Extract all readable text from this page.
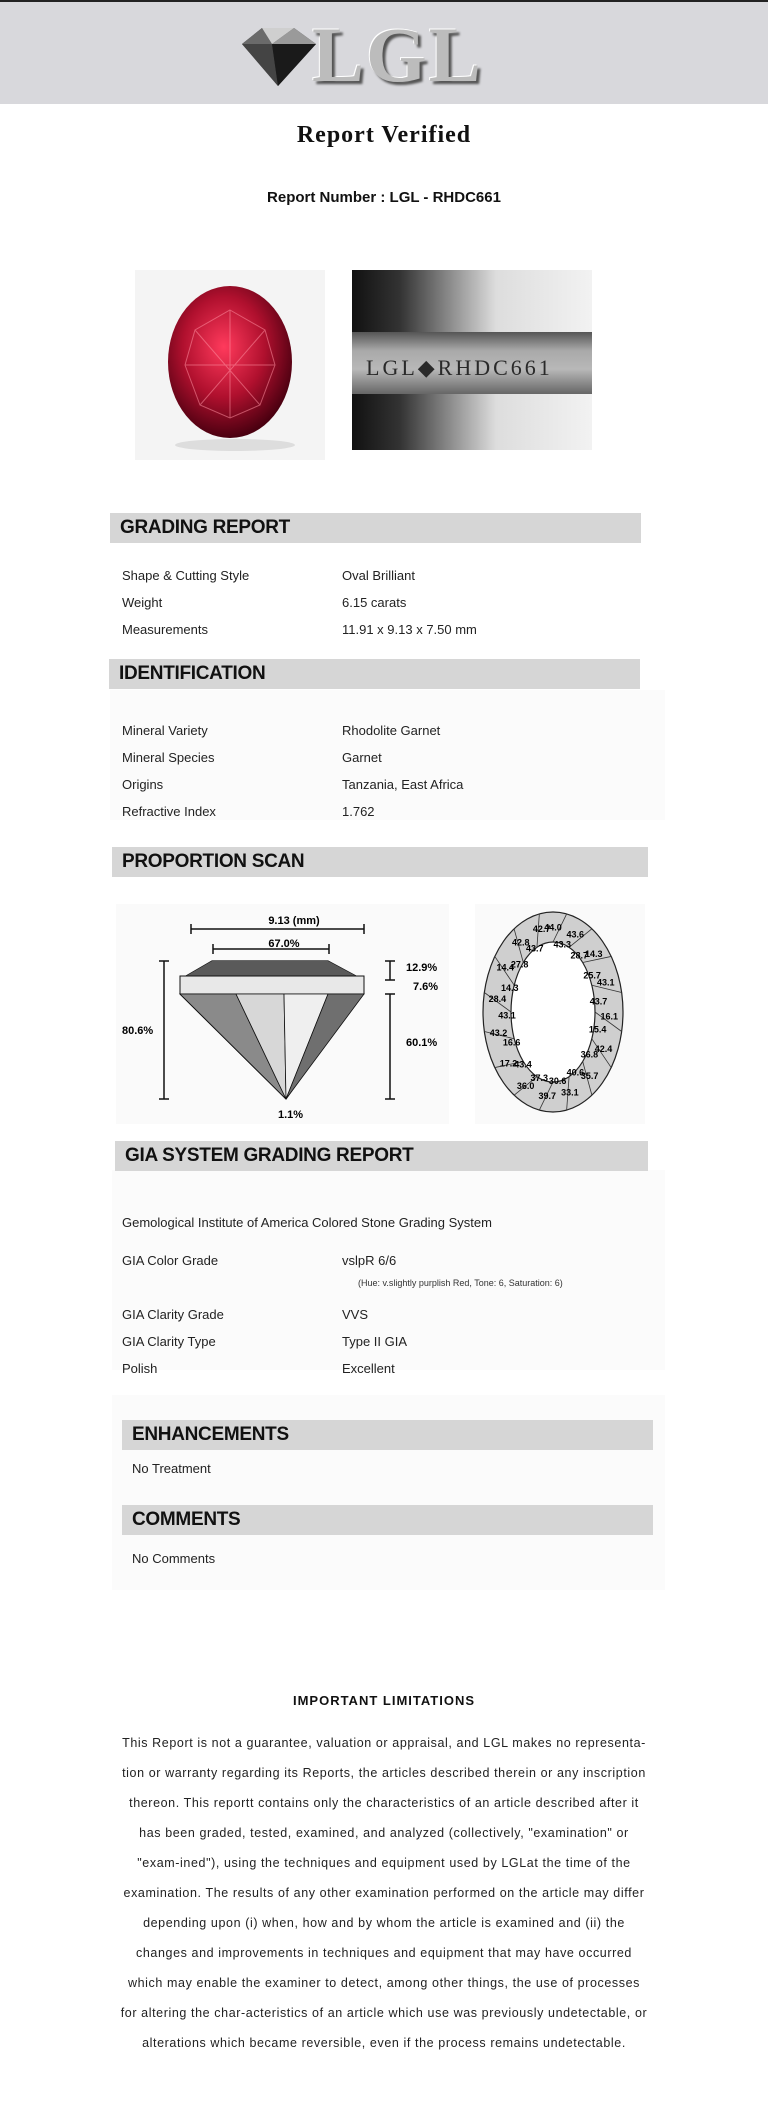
LGL
Report Verified
Report Number : LGL - RHDC661
LGL◆RHDC661
GRADING REPORT
Shape & Cutting Style	Oval Brilliant
Weight	6.15 carats
Measurements	11.91 x 9.13 x 7.50 mm
IDENTIFICATION
Mineral Variety	Rhodolite Garnet
Mineral Species	Garnet
Origins	Tanzania, East Africa
Refractive Index	1.762
PROPORTION SCAN
9.13 (mm)
67.0%
80.6%
12.9%
7.6%
60.1%
1.1%
44.0
43.3
43.6
28.7
14.3
25.7
43.1
43.7
16.1
15.4
42.4
36.8
35.7
40.6
33.1
30.6
39.7
37.3
36.0
43.4
17.2
16.6
43.2
43.1
28.4
14.3
14.4
27.8
42.8
43.7
42.7
GIA SYSTEM GRADING REPORT
Gemological Institute of America Colored Stone Grading System
GIA Color Grade	vslpR 6/6
(Hue: v.slightly purplish Red, Tone: 6, Saturation: 6)
GIA Clarity Grade	VVS
GIA Clarity Type	Type II GIA
Polish	Excellent
ENHANCEMENTS
No Treatment
COMMENTS
No Comments
IMPORTANT LIMITATIONS
This Report is not a guarantee, valuation or appraisal, and LGL makes no representa-tion or warranty regarding its Reports, the articles described therein or any inscription thereon. This reportt contains only the characteristics of an article described after it has been graded, tested, examined, and analyzed (collectively, "examination" or "exam-ined"), using the techniques and equipment used by LGLat the time of the examination. The results of any other examination performed on the article may differ depending upon (i) when, how and by whom the article is examined and (ii) the changes and improvements in techniques and equipment that may have occurred which may enable the examiner to detect, among other things, the use of processes for altering the char-acteristics of an article which use was previously undetectable, or alterations which became reversible, even if the process remains undetectable.
